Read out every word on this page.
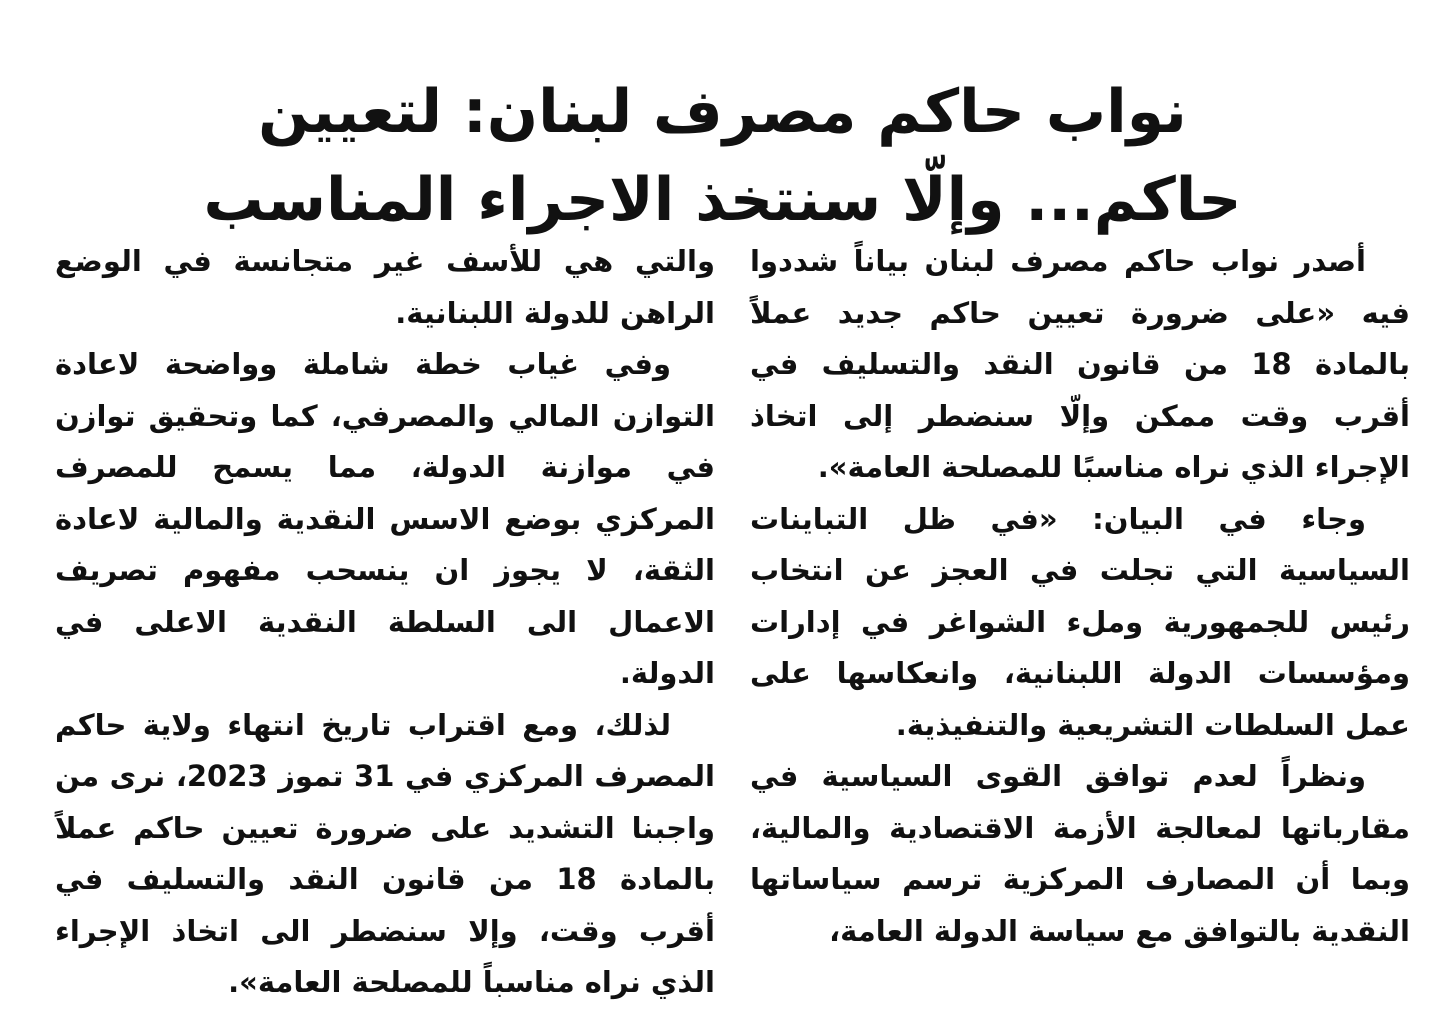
نواب حاكم مصرف لبنان: لتعيين
حاكم... وإلّا سنتخذ الاجراء المناسب

أصدر نواب حاكم مصرف لبنان بياناً شددوا فيه «على ضرورة تعيين حاكم جديد عملاً بالمادة 18 من قانون النقد والتسليف في أقرب وقت ممكن وإلّا سنضطر إلى اتخاذ الإجراء الذي نراه مناسبًا للمصلحة العامة».

وجاء في البيان: «في ظل التباينات السياسية التي تجلت في العجز عن انتخاب رئيس للجمهورية وملء الشواغر في إدارات ومؤسسات الدولة اللبنانية، وانعكاسها على عمل السلطات التشريعية والتنفيذية.

ونظراً لعدم توافق القوى السياسية في مقارباتها لمعالجة الأزمة الاقتصادية والمالية، وبما أن المصارف المركزية ترسم سياساتها النقدية بالتوافق مع سياسة الدولة العامة،

والتي هي للأسف غير متجانسة في الوضع الراهن للدولة اللبنانية.

وفي غياب خطة شاملة وواضحة لاعادة التوازن المالي والمصرفي، كما وتحقيق توازن في موازنة الدولة، مما يسمح للمصرف المركزي بوضع الاسس النقدية والمالية لاعادة الثقة، لا يجوز ان ينسحب مفهوم تصريف الاعمال الى السلطة النقدية الاعلى في الدولة.

لذلك، ومع اقتراب تاريخ انتهاء ولاية حاكم المصرف المركزي في 31 تموز 2023، نرى من واجبنا التشديد على ضرورة تعيين حاكم عملاً بالمادة 18 من قانون النقد والتسليف في أقرب وقت، وإلا سنضطر الى اتخاذ الإجراء الذي نراه مناسباً للمصلحة العامة».
